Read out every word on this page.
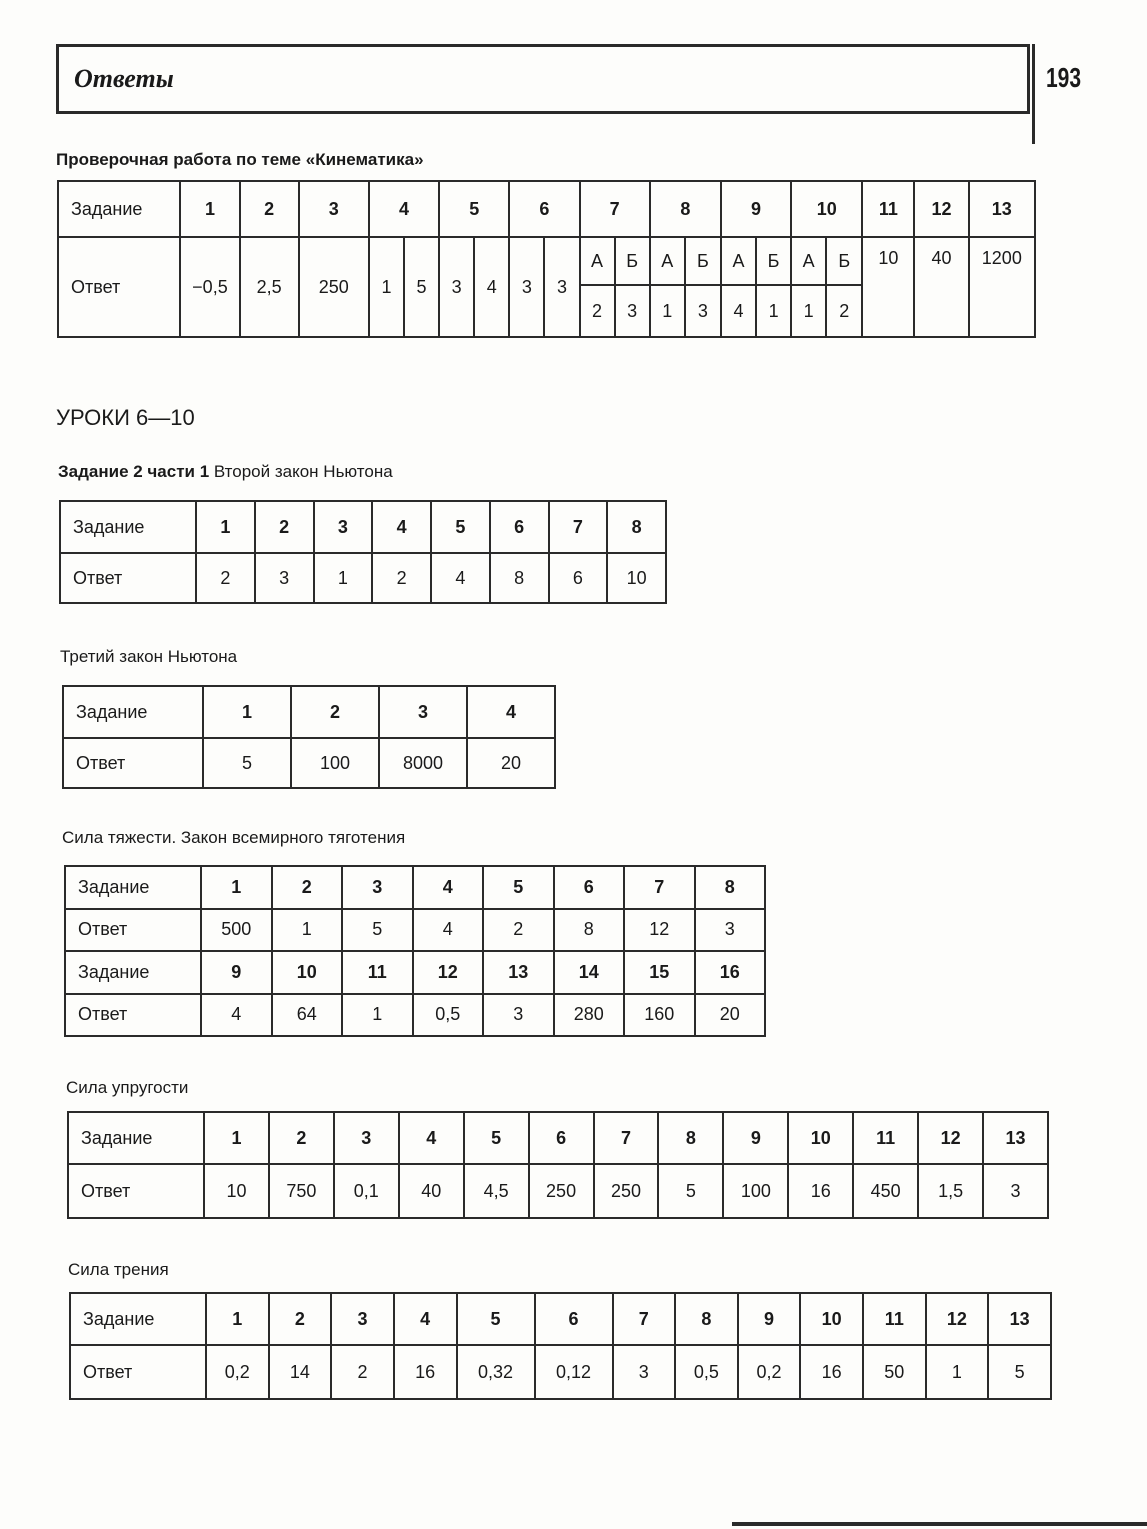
Ответы	193
Проверочная работа по теме «Кинематика»
Задание	1	2	3	4		5		6		7		8		9		10		11	12	13
Ответ	−0,5	2,5	250	1	5	3	4	3	3	А	Б	А	Б	А	Б	А	Б	10	40	1200
										2	3	1	3	4	1	1	2			
УРОКИ 6—10
Задание 2 части 1 Второй закон Ньютона
Задание	1	2	3	4	5	6	7	8
Ответ	2	3	1	2	4	8	6	10
Третий закон Ньютона
Задание	1	2	3	4
Ответ	5	100	8000	20
Сила тяжести. Закон всемирного тяготения
Задание	1	2	3	4	5	6	7	8
Ответ	500	1	5	4	2	8	12	3
Задание	9	10	11	12	13	14	15	16
Ответ	4	64	1	0,5	3	280	160	20
Сила упругости
Задание	1	2	3	4	5	6	7	8	9	10	11	12	13
Ответ	10	750	0,1	40	4,5	250	250	5	100	16	450	1,5	3
Сила трения
Задание	1	2	3	4	5	6	7	8	9	10	11	12	13
Ответ	0,2	14	2	16	0,32	0,12	3	0,5	0,2	16	50	1	5
